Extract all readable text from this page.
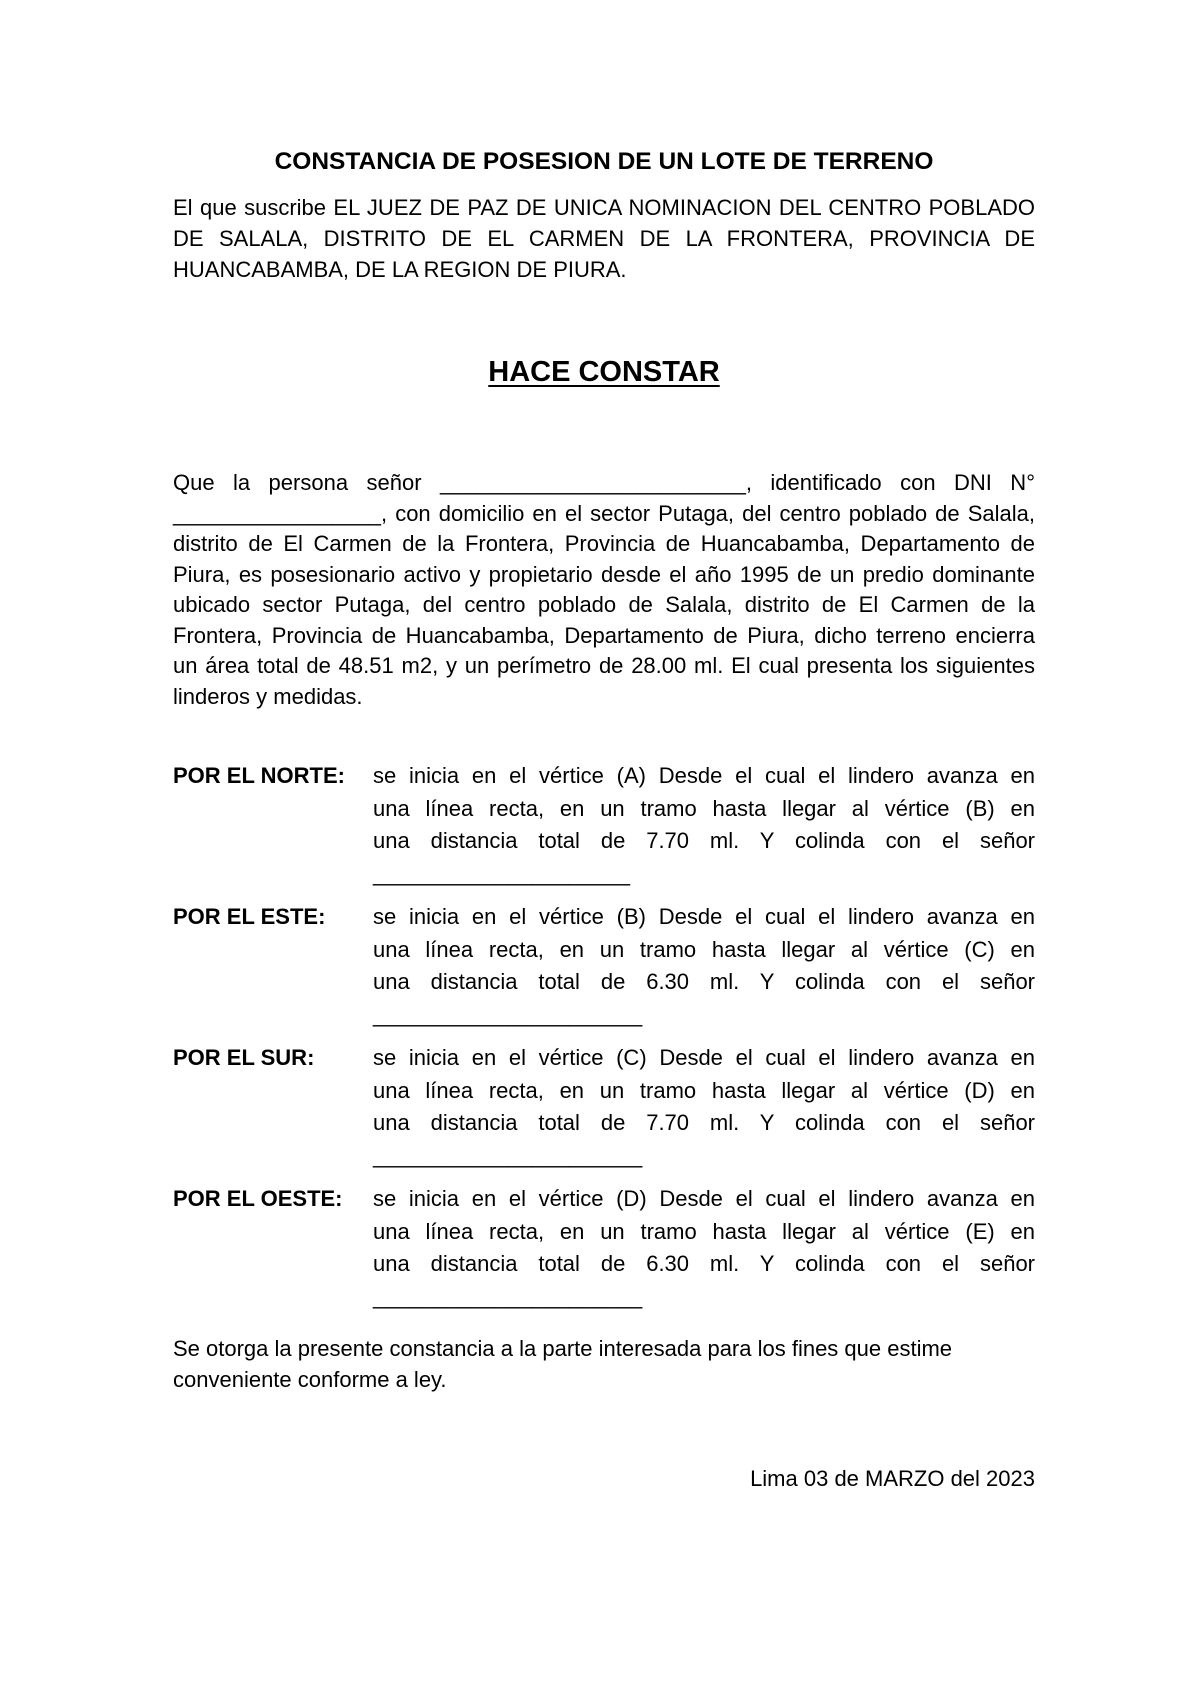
CONSTANCIA DE POSESION DE UN LOTE DE TERRENO

El que suscribe EL JUEZ DE PAZ DE UNICA NOMINACION DEL CENTRO POBLADO DE SALALA, DISTRITO DE EL CARMEN DE LA FRONTERA, PROVINCIA DE HUANCABAMBA, DE LA REGION DE PIURA.

HACE CONSTAR

Que la persona señor _________________________, identificado con DNI N° _________________, con domicilio en el sector Putaga, del centro poblado de Salala, distrito de El Carmen de la Frontera, Provincia de Huancabamba, Departamento de Piura, es posesionario activo y propietario desde el año 1995 de un predio dominante ubicado sector Putaga, del centro poblado de Salala, distrito de El Carmen de la Frontera, Provincia de Huancabamba, Departamento de Piura, dicho terreno encierra un área total de 48.51 m2, y un perímetro de 28.00 ml. El cual presenta los siguientes linderos y medidas.

POR EL NORTE:	se inicia en el vértice (A) Desde el cual el lindero avanza en
una línea recta, en un tramo hasta llegar al vértice (B) en
una distancia total de 7.70 ml. Y colinda con el señor
_____________________
POR EL ESTE:	se inicia en el vértice (B) Desde el cual el lindero avanza en
una línea recta, en un tramo hasta llegar al vértice (C) en
una distancia total de 6.30 ml. Y colinda con el señor
______________________
POR EL SUR:	se inicia en el vértice (C) Desde el cual el lindero avanza en
una línea recta, en un tramo hasta llegar al vértice (D) en
una distancia total de 7.70 ml. Y colinda con el señor
______________________
POR EL OESTE:	se inicia en el vértice (D) Desde el cual el lindero avanza en
una línea recta, en un tramo hasta llegar al vértice (E) en
una distancia total de 6.30 ml. Y colinda con el señor
______________________

Se otorga la presente constancia a la parte interesada para los fines que estime conveniente conforme a ley.

Lima 03 de MARZO del 2023
